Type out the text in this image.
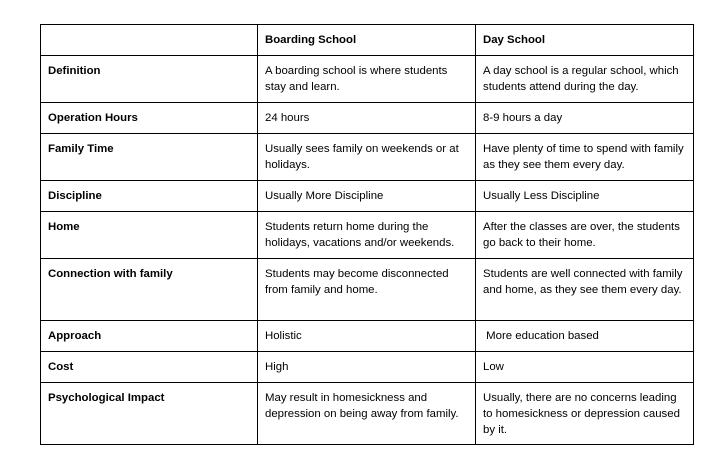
	Boarding School	Day School
Definition	A boarding school is where students stay and learn.	A day school is a regular school, which students attend during the day.
Operation Hours	24 hours	8-9 hours a day
Family Time	Usually sees family on weekends or at holidays.	Have plenty of time to spend with family as they see them every day.
Discipline	Usually More Discipline	Usually Less Discipline
Home	Students return home during the holidays, vacations and/or weekends.	After the classes are over, the students go back to their home.
Connection with family	Students may become disconnected from family and home.	Students are well connected with family and home, as they see them every day.
Approach	Holistic	More education based
Cost	High	Low
Psychological Impact	May result in homesickness and depression on being away from family.	Usually, there are no concerns leading to homesickness or depression caused by it.
